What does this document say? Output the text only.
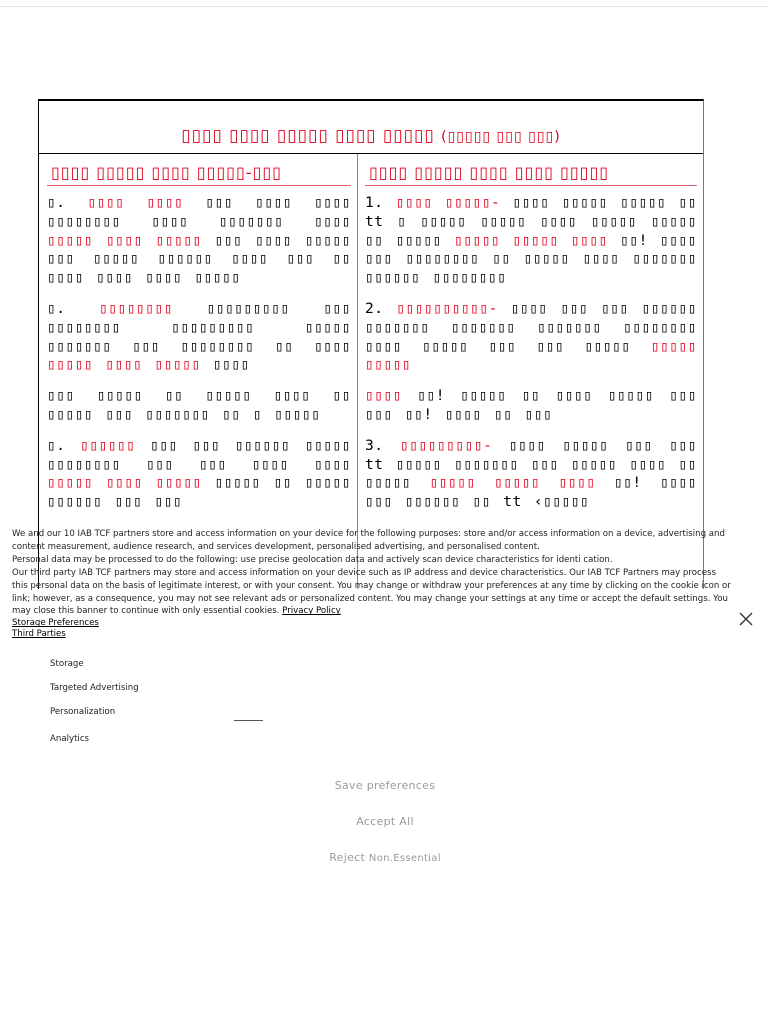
▯▯▯▯ ▯▯▯▯ ▯▯▯▯▯ ▯▯▯▯ ▯▯▯▯▯ (▯▯▯▯▯ ▯▯▯ ▯▯▯)
▯▯▯▯ ▯▯▯▯▯ ▯▯▯▯ ▯▯▯▯▯-▯▯▯
▯. ▯▯▯▯ ▯▯▯▯ ▯▯▯ ▯▯▯▯ ▯▯▯▯ ▯▯▯▯▯▯▯▯ ▯▯▯▯ ▯▯▯▯▯▯▯ ▯▯▯▯ ▯▯▯▯▯ ▯▯▯▯ ▯▯▯▯▯ ▯▯▯ ▯▯▯▯ ▯▯▯▯▯ ▯▯▯ ▯▯▯▯▯ ▯▯▯▯▯▯ ▯▯▯▯ ▯▯▯ ▯▯ ▯▯▯▯ ▯▯▯▯ ▯▯▯▯ ▯▯▯▯▯
▯. ▯▯▯▯▯▯▯▯ ▯▯▯▯▯▯▯▯▯ ▯▯▯ ▯▯▯▯▯▯▯▯ ▯▯▯▯▯▯▯▯▯ ▯▯▯▯▯ ▯▯▯▯▯▯▯ ▯▯▯ ▯▯▯▯▯▯▯▯ ▯▯ ▯▯▯▯ ▯▯▯▯▯ ▯▯▯▯ ▯▯▯▯▯ ▯▯▯▯
▯▯▯ ▯▯▯▯▯ ▯▯ ▯▯▯▯▯ ▯▯▯▯ ▯▯ ▯▯▯▯▯ ▯▯▯ ▯▯▯▯▯▯▯ ▯▯ ▯ ▯▯▯▯▯
▯. ▯▯▯▯▯▯ ▯▯▯ ▯▯▯ ▯▯▯▯▯▯ ▯▯▯▯▯ ▯▯▯▯▯▯▯▯ ▯▯▯ ▯▯▯ ▯▯▯▯ ▯▯▯▯ ▯▯▯▯▯ ▯▯▯▯ ▯▯▯▯▯ ▯▯▯▯▯ ▯▯ ▯▯▯▯▯ ▯▯▯▯▯▯ ▯▯▯ ▯▯▯
▯▯▯▯ ▯▯▯▯▯ ▯▯▯▯ ▯▯▯▯ ▯▯▯▯▯
1. ▯▯▯▯ ▯▯▯▯▯- ▯▯▯▯ ▯▯▯▯▯ ▯▯▯▯▯ ▯▯ tt ▯ ▯▯▯▯▯ ▯▯▯▯▯ ▯▯▯▯ ▯▯▯▯▯ ▯▯▯▯▯ ▯▯ ▯▯▯▯▯ ▯▯▯▯▯ ▯▯▯▯▯ ▯▯▯▯ ▯▯! ▯▯▯▯ ▯▯▯ ▯▯▯▯▯▯▯▯ ▯▯ ▯▯▯▯▯ ▯▯▯▯ ▯▯▯▯▯▯▯ ▯▯▯▯▯▯ ▯▯▯▯▯▯▯▯
2. ▯▯▯▯▯▯▯▯▯▯- ▯▯▯▯ ▯▯▯ ▯▯▯ ▯▯▯▯▯▯ ▯▯▯▯▯▯▯ ▯▯▯▯▯▯▯ ▯▯▯▯▯▯▯ ▯▯▯▯▯▯▯▯ ▯▯▯▯ ▯▯▯▯▯ ▯▯▯ ▯▯▯ ▯▯▯▯▯ ▯▯▯▯▯ ▯▯▯▯▯
▯▯▯▯ ▯▯! ▯▯▯▯▯ ▯▯ ▯▯▯▯ ▯▯▯▯▯ ▯▯▯ ▯▯▯ ▯▯! ▯▯▯▯ ▯▯ ▯▯▯
3. ▯▯▯▯▯▯▯▯▯- ▯▯▯▯ ▯▯▯▯▯ ▯▯▯ ▯▯▯ tt ▯▯▯▯▯ ▯▯▯▯▯▯▯ ▯▯▯ ▯▯▯▯▯ ▯▯▯▯ ▯▯ ▯▯▯▯▯ ▯▯▯▯▯ ▯▯▯▯▯ ▯▯▯▯ ▯▯! ▯▯▯▯ ▯▯▯ ▯▯▯▯▯▯ ▯▯ tt ‹▯▯▯▯▯

We and our 10 IAB TCF partners store and access information on your device for the following purposes: store and/or access information on a device, advertising and content measurement, audience research, and services development, personalised advertising, and personalised content.

Personal data may be processed to do the following: use precise geolocation data and actively scan device characteristics for identi cation.

Our third party IAB TCF partners may store and access information on your device such as IP address and device characteristics. Our IAB TCF Partners may process this personal data on the basis of legitimate interest, or with your consent. You may change or withdraw your preferences at any time by clicking on the cookie icon or link; however, as a consequence, you may not see relevant ads or personalized content. You may change your settings at any time or accept the default settings. You may close this banner to continue with only essential cookies. Privacy Policy

Storage Preferences
Third Parties
Storage
Targeted Advertising
Personalization
Analytics
Save preferences
Accept All
Reject Non.Essential
